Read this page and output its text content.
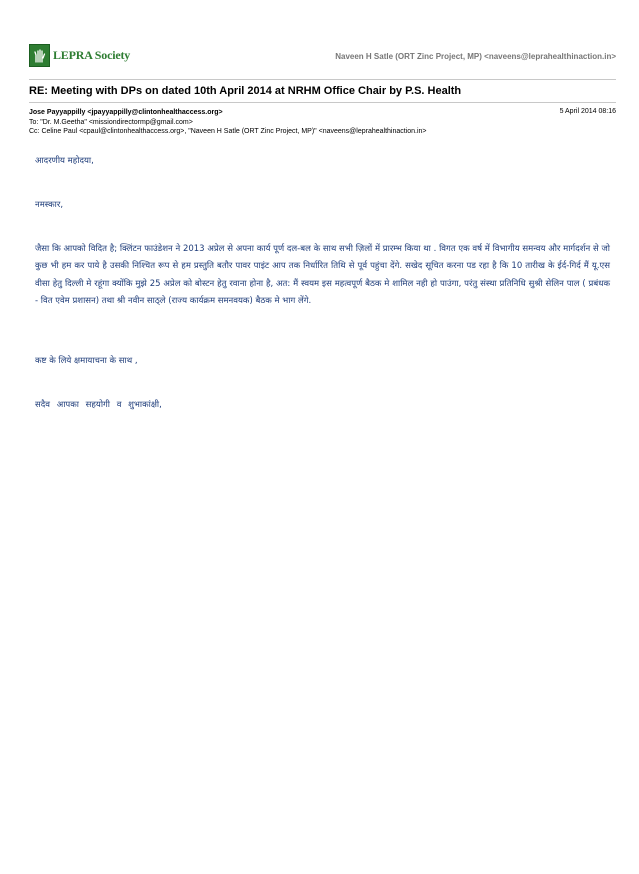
LEPRA Society	Naveen H Satle (ORT Zinc Project, MP) <naveens@leprahealthinaction.in>
RE: Meeting with DPs on dated 10th April 2014 at NRHM Office Chair by P.S. Health
Jose Payyappilly <jpayyappilly@clintonhealthaccess.org>	5 April 2014 08:16
To: "Dr. M.Geetha" <missiondirectormp@gmail.com>
Cc: Celine Paul <cpaul@clintonhealthaccess.org>, "Naveen H Satle (ORT Zinc Project, MP)" <naveens@leprahealthinaction.in>
आदरणीय महोदया,
नमस्कार,
जैसा कि आपको विदित है; क्लिंटन फाउंडेशन ने 2013 अप्रेल से अपना कार्य पूर्ण दल-बल के साथ सभी ज़िलों में प्रारम्भ किया था . विगत एक वर्ष में विभागीय समन्वय और मार्गदर्शन से जो कुछ भी हम कर पाये है उसकी निश्चित रूप से हम प्रस्तुति बतौर पावर पाइंट आप तक निर्धारित तिथि से पूर्व पहुंचा देंगे. सखेद सूचित करना पड रहा है कि 10 तारीख के ईर्द-गिर्द मैं यू.एस वीसा हेतु दिल्ली मे रहूंगा क्योंकि मुझे 25 अप्रेल को बोस्टन हेतु रवाना होना है, अत: मैं स्वयम इस महत्वपूर्ण बैठक मे शामिल नही हो पाउंगा, परंतु संस्था प्रतिनिधि सुश्री सेलिन पाल ( प्रबंधक - वित एवेम प्रशासन) तथा श्री नवीन साठ्ले (राज्य कार्यक्रम समनवयक) बैठक मे भाग लेंगे.
कष्ट के लिये क्षमायाचना के साथ ,
सदैव आपका सहयोगी व शुभाकांक्षी,
